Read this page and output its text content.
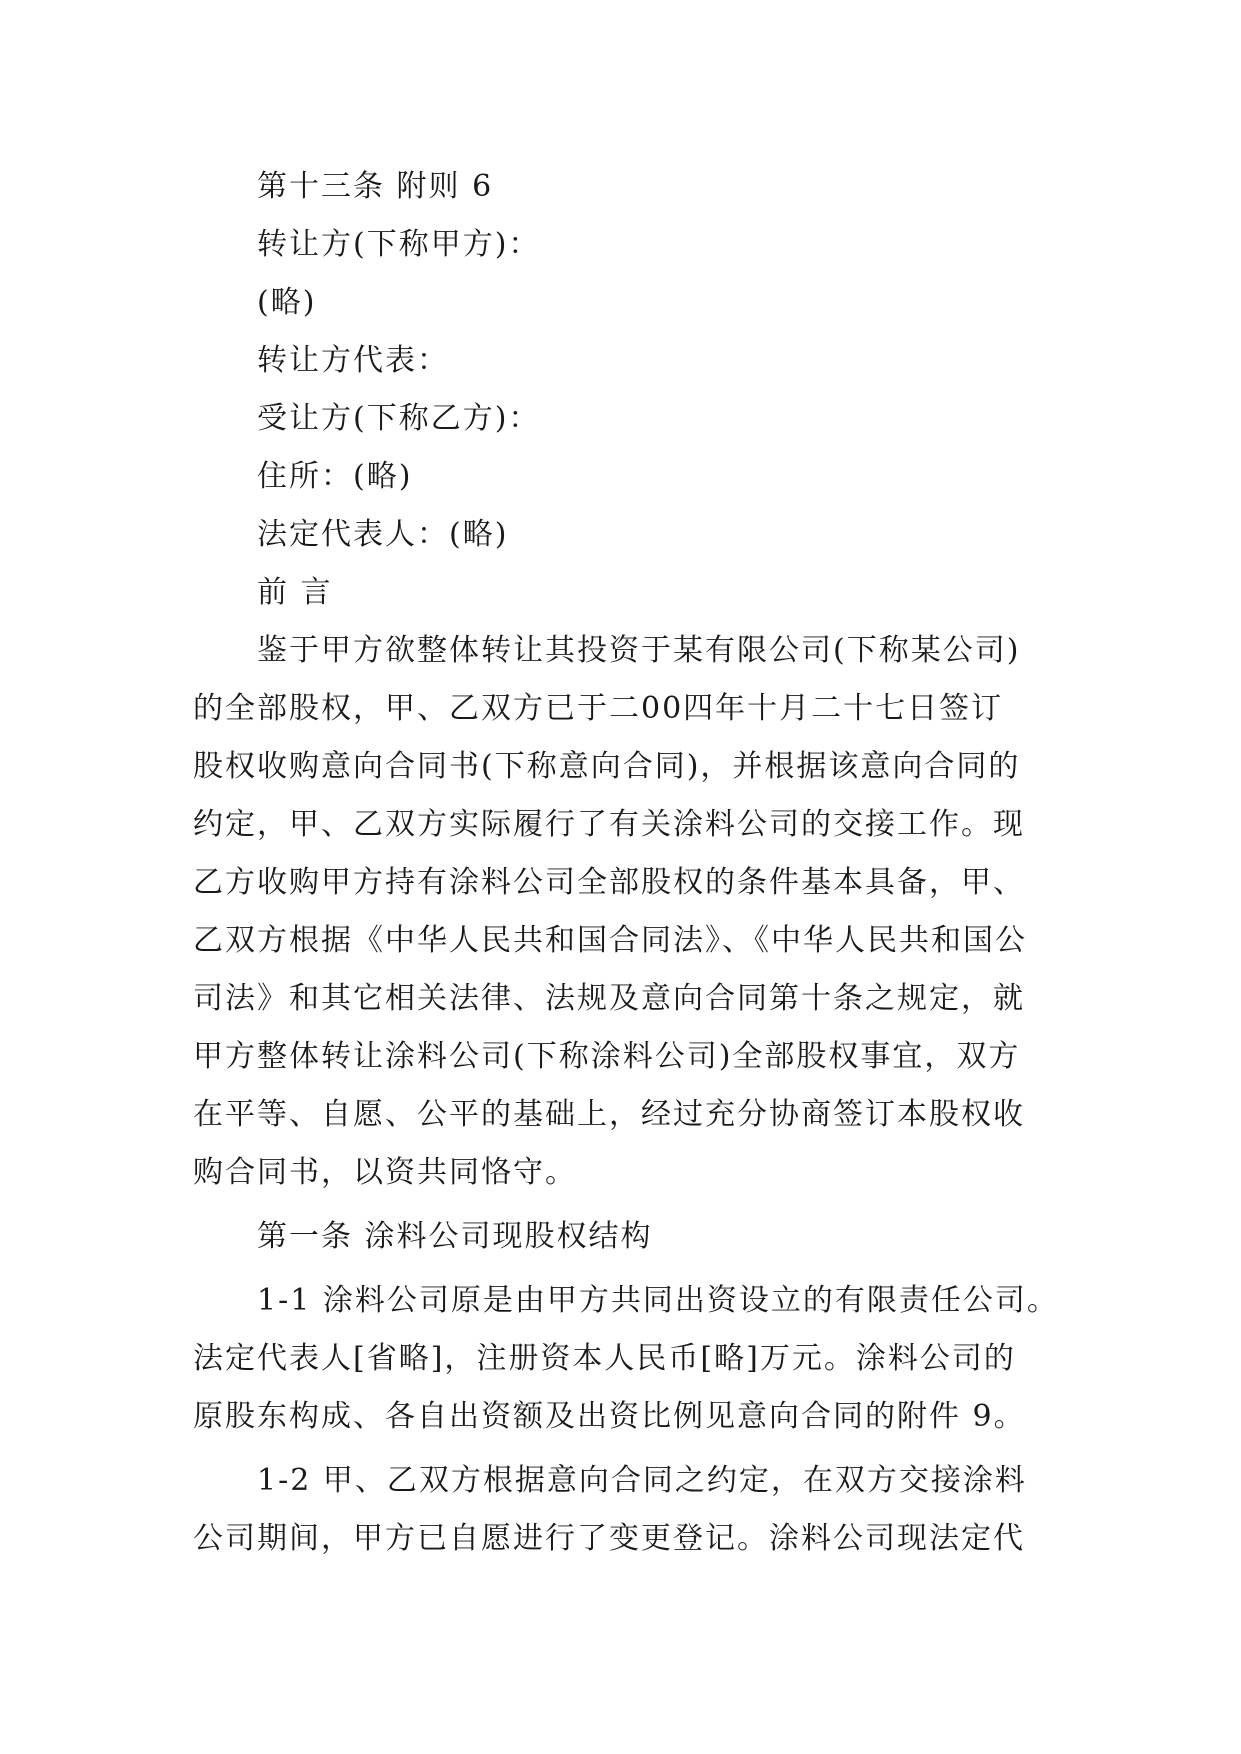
第十三条 附则 6
转让方(下称甲方)：
(略)
转让方代表：
受让方(下称乙方)：
住所：(略)
法定代表人：(略)
前 言
鉴于甲方欲整体转让其投资于某有限公司(下称某公司)
的全部股权，甲、乙双方已于二00四年十月二十七日签订
股权收购意向合同书(下称意向合同)，并根据该意向合同的
约定，甲、乙双方实际履行了有关涂料公司的交接工作。现
乙方收购甲方持有涂料公司全部股权的条件基本具备，甲、
乙双方根据《中华人民共和国合同法》、《中华人民共和国公
司法》和其它相关法律、法规及意向合同第十条之规定，就
甲方整体转让涂料公司(下称涂料公司)全部股权事宜，双方
在平等、自愿、公平的基础上，经过充分协商签订本股权收
购合同书，以资共同恪守。
第一条 涂料公司现股权结构
1-1 涂料公司原是由甲方共同出资设立的有限责任公司。
法定代表人[省略]，注册资本人民币[略]万元。涂料公司的
原股东构成、各自出资额及出资比例见意向合同的附件 9。
1-2 甲、乙双方根据意向合同之约定，在双方交接涂料
公司期间，甲方已自愿进行了变更登记。涂料公司现法定代
